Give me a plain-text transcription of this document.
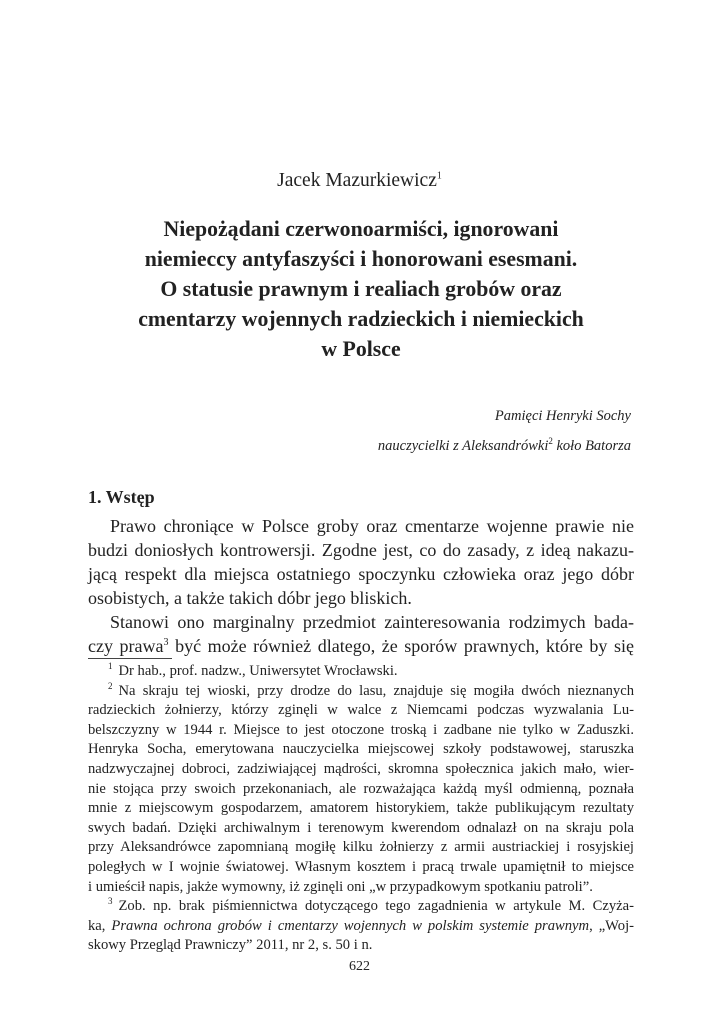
Jacek Mazurkiewicz$^1$
Niepożądani czerwonoarmiści, ignorowani
niemieccy antyfaszyści i honorowani esesmani.
O statusie prawnym i realiach grobów oraz
cmentarzy wojennych radzieckich i niemieckich
w Polsce
Pamięci Henryki Sochy
nauczycielki z Aleksandrówki$^2$ koło Batorza
1. Wstęp
Prawo chroniące w Polsce groby oraz cmentarze wojenne prawie nie
budzi doniosłych kontrowersji. Zgodne jest, co do zasady, z ideą nakazu-
jącą respekt dla miejsca ostatniego spoczynku człowieka oraz jego dóbr
osobistych, a także takich dóbr jego bliskich.
Stanowi ono marginalny przedmiot zainteresowania rodzimych bada-
czy prawa$^3$ być może również dlatego, że sporów prawnych, które by się
$^1$ Dr hab., prof. nadzw., Uniwersytet Wrocławski.
$^2$ Na skraju tej wioski, przy drodze do lasu, znajduje się mogiła dwóch nieznanych
radzieckich żołnierzy, którzy zginęli w walce z Niemcami podczas wyzwalania Lu-
belszczyzny w 1944 r. Miejsce to jest otoczone troską i zadbane nie tylko w Zaduszki.
Henryka Socha, emerytowana nauczycielka miejscowej szkoły podstawowej, staruszka
nadzwyczajnej dobroci, zadziwiającej mądrości, skromna społecznica jakich mało, wier-
nie stojąca przy swoich przekonaniach, ale rozważająca każdą myśl odmienną, poznała
mnie z miejscowym gospodarzem, amatorem historykiem, także publikującym rezultaty
swych badań. Dzięki archiwalnym i terenowym kwerendom odnalazł on na skraju pola
przy Aleksandrówce zapomnianą mogiłę kilku żołnierzy z armii austriackiej i rosyjskiej
poległych w I wojnie światowej. Własnym kosztem i pracą trwale upamiętnił to miejsce
i umieścił napis, jakże wymowny, iż zginęli oni „w przypadkowym spotkaniu patroli”.
$^3$ Zob. np. brak piśmiennictwa dotyczącego tego zagadnienia w artykule M. Czyża-
ka, Prawna ochrona grobów i cmentarzy wojennych w polskim systemie prawnym, „Woj-
skowy Przegląd Prawniczy” 2011, nr 2, s. 50 i n.
622
